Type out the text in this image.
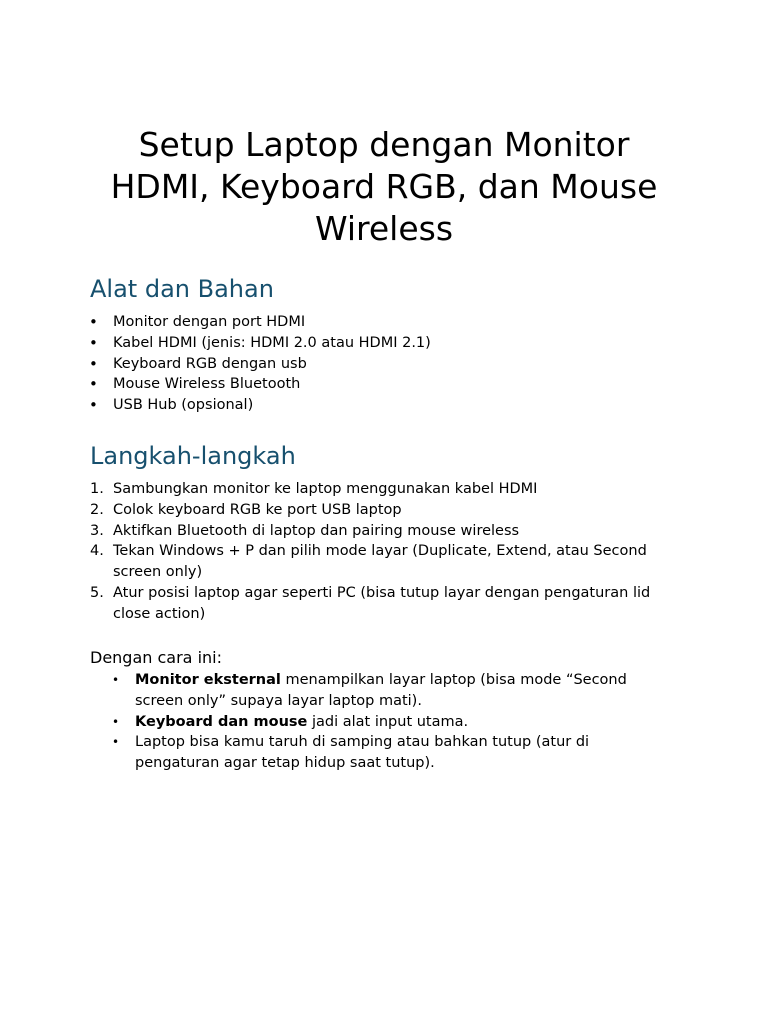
Setup Laptop dengan Monitor HDMI, Keyboard RGB, dan Mouse Wireless
Alat dan Bahan
• Monitor dengan port HDMI
• Kabel HDMI (jenis: HDMI 2.0 atau HDMI 2.1)
• Keyboard RGB dengan usb
• Mouse Wireless Bluetooth
• USB Hub (opsional)
Langkah-langkah
1. Sambungkan monitor ke laptop menggunakan kabel HDMI
2. Colok keyboard RGB ke port USB laptop
3. Aktifkan Bluetooth di laptop dan pairing mouse wireless
4. Tekan Windows + P dan pilih mode layar (Duplicate, Extend, atau Second screen only)
5. Atur posisi laptop agar seperti PC (bisa tutup layar dengan pengaturan lid close action)

Dengan cara ini:

• Monitor eksternal menampilkan layar laptop (bisa mode “Second screen only” supaya layar laptop mati).
• Keyboard dan mouse jadi alat input utama.
• Laptop bisa kamu taruh di samping atau bahkan tutup (atur di pengaturan agar tetap hidup saat tutup).
